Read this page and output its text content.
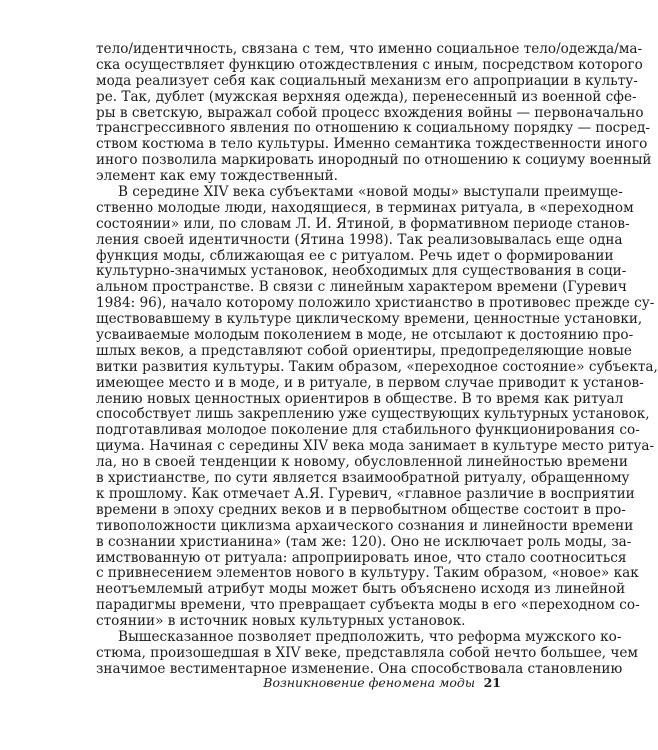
тело/идентичность, связана с тем, что именно социальное тело/одежда/ма-
ска осуществляет функцию отождествления с иным, посредством которого
мода реализует себя как социальный механизм его апроприации в культу-
ре. Так, дублет (мужская верхняя одежда), перенесенный из военной сфе-
ры в светскую, выражал собой процесс вхождения войны — первоначально
трансгрессивного явления по отношению к социальному порядку — посред-
ством костюма в тело культуры. Именно семантика тождественности иного
иного позволила маркировать инородный по отношению к социуму военный
элемент как ему тождественный.
В середине XIV века субъектами «новой моды» выступали преимуще-
ственно молодые люди, находящиеся, в терминах ритуала, в «переходном
состоянии» или, по словам Л. И. Ятиной, в формативном периоде станов-
ления своей идентичности (Ятина 1998). Так реализовывалась еще одна
функция моды, сближающая ее с ритуалом. Речь идет о формировании
культурно-значимых установок, необходимых для существования в соци-
альном пространстве. В связи с линейным характером времени (Гуревич
1984: 96), начало которому положило христианство в противовес прежде су-
ществовавшему в культуре циклическому времени, ценностные установки,
усваиваемые молодым поколением в моде, не отсылают к достоянию про-
шлых веков, а представляют собой ориентиры, предопределяющие новые
витки развития культуры. Таким образом, «переходное состояние» субъекта,
имеющее место и в моде, и в ритуале, в первом случае приводит к установ-
лению новых ценностных ориентиров в обществе. В то время как ритуал
способствует лишь закреплению уже существующих культурных установок,
подготавливая молодое поколение для стабильного функционирования со-
циума. Начиная с середины XIV века мода занимает в культуре место ритуа-
ла, но в своей тенденции к новому, обусловленной линейностью времени
в христианстве, по сути является взаимообратной ритуалу, обращенному
к прошлому. Как отмечает А.Я. Гуревич, «главное различие в восприятии
времени в эпоху средних веков и в первобытном обществе состоит в про-
тивоположности циклизма архаического сознания и линейности времени
в сознании христианина» (там же: 120). Оно не исключает роль моды, за-
имствованную от ритуала: апроприировать иное, что стало соотноситься
с привнесением элементов нового в культуру. Таким образом, «новое» как
неотъемлемый атрибут моды может быть объяснено исходя из линейной
парадигмы времени, что превращает субъекта моды в его «переходном со-
стоянии» в источник новых культурных установок.
Вышесказанное позволяет предположить, что реформа мужского ко-
стюма, произошедшая в XIV веке, представляла собой нечто большее, чем
значимое вестиментарное изменение. Она способствовала становлению
Возникновение феномена моды 21
